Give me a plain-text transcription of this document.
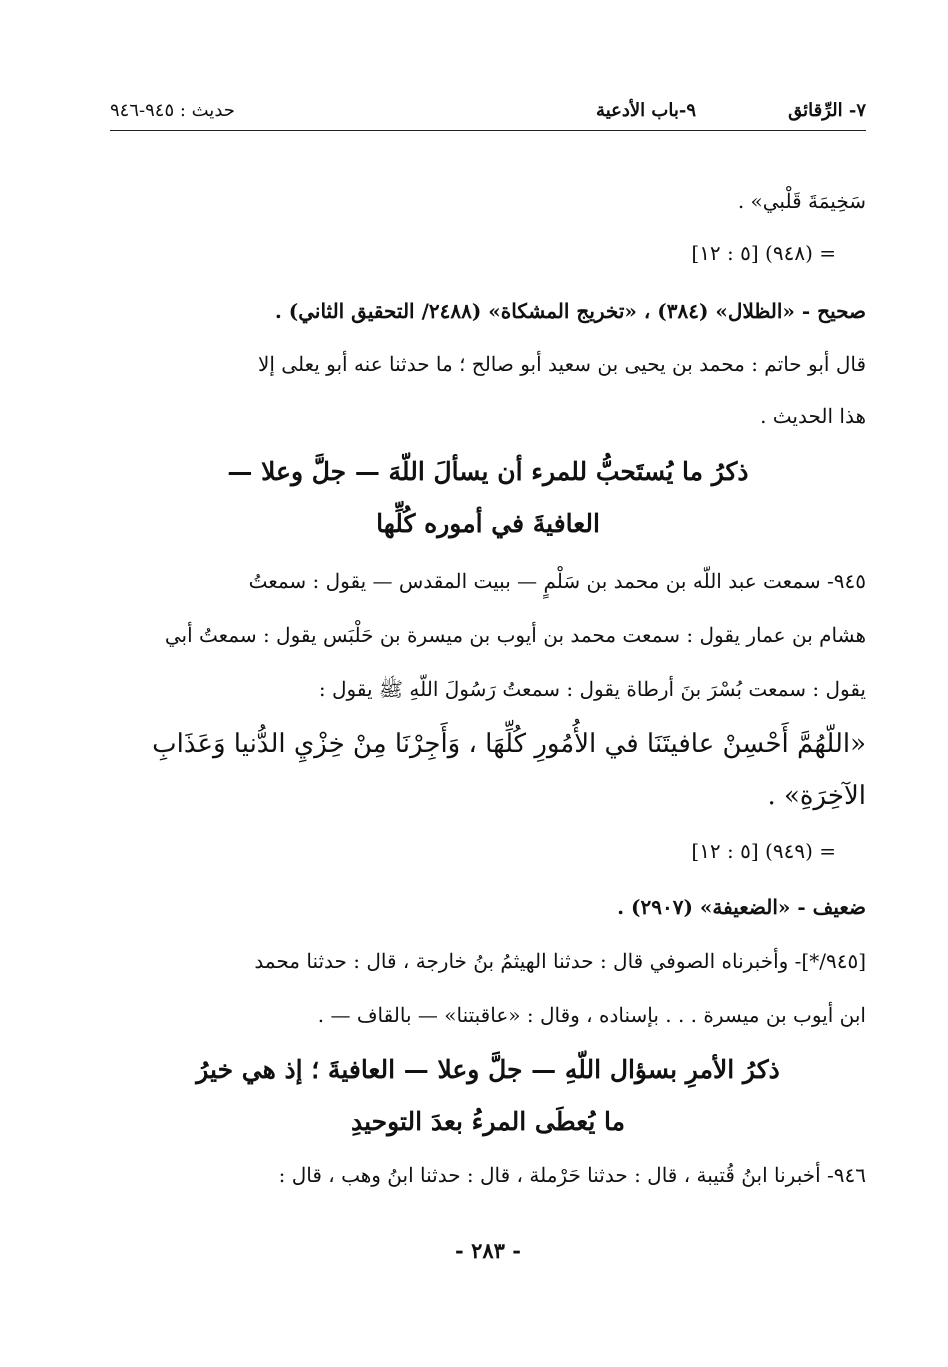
٧- الرِّقائق
٩-باب الأدعية
حديث : ٩٤٥-٩٤٦
سَخِيمَةَ قَلْبي» .
= (٩٤٨) [٥ : ١٢]
صحيح - «الظلال» (٣٨٤) ، «تخريج المشكاة» (٢٤٨٨/ التحقيق الثاني) .
قال أبو حاتم : محمد بن يحيى بن سعيد أبو صالح ؛ ما حدثنا عنه أبو يعلى إلا
هذا الحديث .
ذكرُ ما يُستَحبُّ للمرء أن يسألَ اللّهَ — جلَّ وعلا —
العافيةَ في أموره كُلِّها
٩٤٥- سمعت عبد اللّه بن محمد بن سَلْمٍ — ببيت المقدس — يقول : سمعتُ
هشام بن عمار يقول : سمعت محمد بن أيوب بن ميسرة بن حَلْبَس يقول : سمعتُ أبي
يقول : سمعت بُسْرَ بنَ أرطاة يقول : سمعتُ رَسُولَ اللّهِ ﷺ يقول :
«اللّهُمَّ أَحْسِنْ عافيتَنَا في الأُمُورِ كُلِّهَا ، وَأَجِرْنَا مِنْ خِزْيِ الدُّنيا وَعَذَابِ
الآخِرَةِ» .
= (٩٤٩) [٥ : ١٢]
ضعيف - «الضعيفة» (٢٩٠٧) .
[٩٤٥/*]- وأخبرناه الصوفي قال : حدثنا الهيثمُ بنُ خارجة ، قال : حدثنا محمد
ابن أيوب بن ميسرة . . . بإسناده ، وقال : «عاقبتنا» — بالقاف — .
ذكرُ الأمرِ بسؤال اللّهِ — جلَّ وعلا — العافيةَ ؛ إذ هي خيرُ
ما يُعطَى المرءُ بعدَ التوحيدِ
٩٤٦- أخبرنا ابنُ قُتيبة ، قال : حدثنا حَرْملة ، قال : حدثنا ابنُ وهب ، قال :
- ٢٨٣ -
